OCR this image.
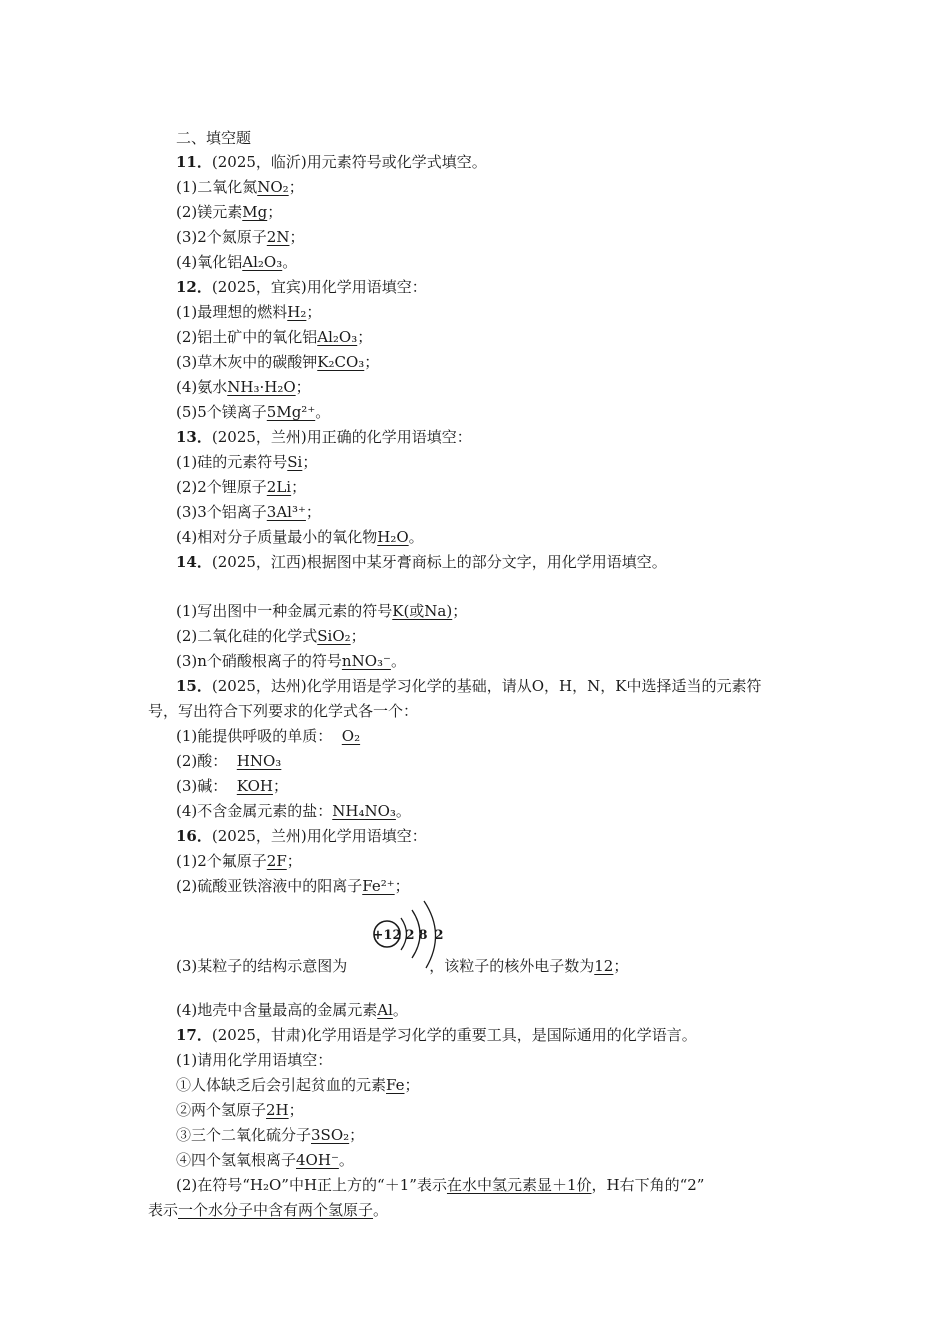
二、填空题
11．(2025，临沂)用元素符号或化学式填空。
(1)二氧化氮NO₂；
(2)镁元素Mg；
(3)2个氮原子2N；
(4)氧化铝Al₂O₃。
12．(2025，宜宾)用化学用语填空：
(1)最理想的燃料H₂；
(2)铝土矿中的氧化铝Al₂O₃；
(3)草木灰中的碳酸钾K₂CO₃；
(4)氨水NH₃·H₂O；
(5)5个镁离子5Mg²⁺。
13．(2025，兰州)用正确的化学用语填空：
(1)硅的元素符号Si；
(2)2个锂原子2Li；
(3)3个铝离子3Al³⁺；
(4)相对分子质量最小的氧化物H₂O。
14．(2025，江西)根据图中某牙膏商标上的部分文字，用化学用语填空。
(1)写出图中一种金属元素的符号K(或Na)；
(2)二氧化硅的化学式SiO₂；
(3)n个硝酸根离子的符号nNO₃⁻。
15．(2025，达州)化学用语是学习化学的基础，请从O，H，N，K中选择适当的元素符
号，写出符合下列要求的化学式各一个：
(1)能提供呼吸的单质： O₂
(2)酸： HNO₃
(3)碱： KOH；
(4)不含金属元素的盐：NH₄NO₃。
16．(2025，兰州)用化学用语填空：
(1)2个氟原子2F；
(2)硫酸亚铁溶液中的阳离子Fe²⁺；
+12 2 8 2
(3)某粒子的结构示意图为	，该粒子的核外电子数为12；
(4)地壳中含量最高的金属元素Al。
17．(2025，甘肃)化学用语是学习化学的重要工具，是国际通用的化学语言。
(1)请用化学用语填空：
①人体缺乏后会引起贫血的元素Fe；
②两个氢原子2H；
③三个二氧化硫分子3SO₂；
④四个氢氧根离子4OH⁻。
(2)在符号“H₂O”中H正上方的“＋1”表示在水中氢元素显＋1价，H右下角的“2”
表示一个水分子中含有两个氢原子。
